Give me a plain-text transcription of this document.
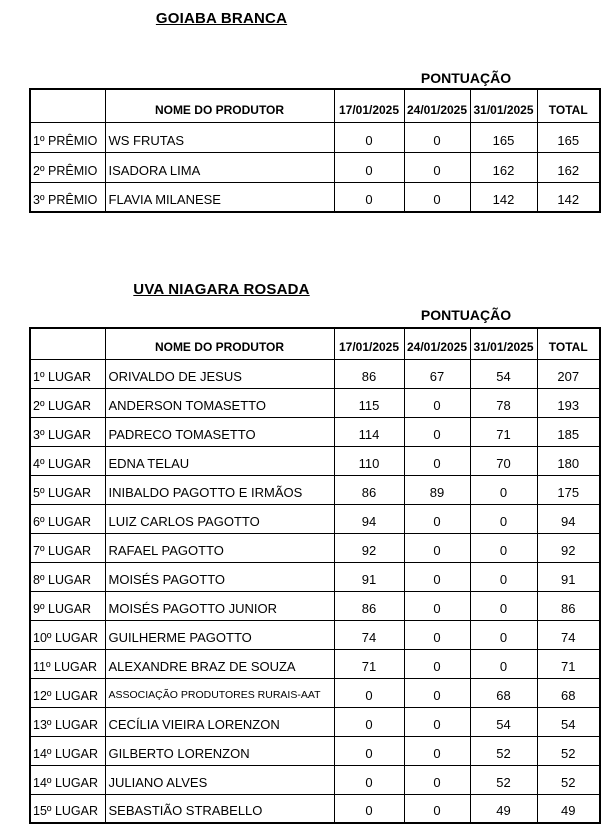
GOIABA BRANCA
PONTUAÇÃO
	NOME DO PRODUTOR	17/01/2025	24/01/2025	31/01/2025	TOTAL
1º PRÊMIO	WS FRUTAS	0	0	165	165
2º PRÊMIO	ISADORA LIMA	0	0	162	162
3º PRÊMIO	FLAVIA MILANESE	0	0	142	142
UVA NIAGARA ROSADA
PONTUAÇÃO
	NOME DO PRODUTOR	17/01/2025	24/01/2025	31/01/2025	TOTAL
1º LUGAR	ORIVALDO DE JESUS	86	67	54	207
2º LUGAR	ANDERSON TOMASETTO	115	0	78	193
3º LUGAR	PADRECO TOMASETTO	114	0	71	185
4º LUGAR	EDNA TELAU	110	0	70	180
5º LUGAR	INIBALDO PAGOTTO E IRMÃOS	86	89	0	175
6º LUGAR	LUIZ CARLOS PAGOTTO	94	0	0	94
7º LUGAR	RAFAEL PAGOTTO	92	0	0	92
8º LUGAR	MOISÉS PAGOTTO	91	0	0	91
9º LUGAR	MOISÉS PAGOTTO JUNIOR	86	0	0	86
10º LUGAR	GUILHERME PAGOTTO	74	0	0	74
11º LUGAR	ALEXANDRE BRAZ DE SOUZA	71	0	0	71
12º LUGAR	ASSOCIAÇÃO PRODUTORES RURAIS-AAT	0	0	68	68
13º LUGAR	CECÍLIA VIEIRA LORENZON	0	0	54	54
14º LUGAR	GILBERTO LORENZON	0	0	52	52
14º LUGAR	JULIANO ALVES	0	0	52	52
15º LUGAR	SEBASTIÃO STRABELLO	0	0	49	49
